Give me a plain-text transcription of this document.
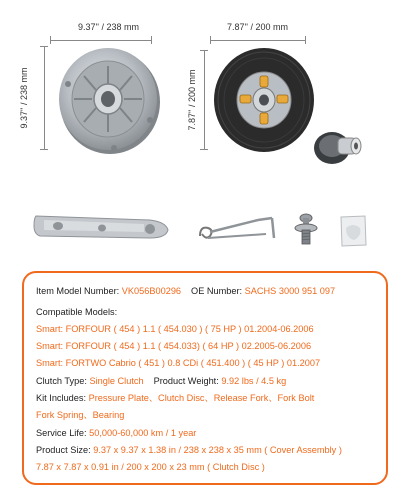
9.37'' / 238 mm
9.37'' / 238 mm
7.87'' / 200 mm
7.87'' / 200 mm
Item Model Number: VK056B00296 OE Number: SACHS 3000 951 097
Compatible Models:
Smart: FORFOUR ( 454 ) 1.1 ( 454.030 ) ( 75 HP ) 01.2004-06.2006
Smart: FORFOUR ( 454 ) 1.1 ( 454.033) ( 64 HP ) 02.2005-06.2006
Smart: FORTWO Cabrio ( 451 ) 0.8 CDi ( 451.400 ) ( 45 HP ) 01.2007
Clutch Type: Single Clutch Product Weight: 9.92 lbs / 4.5 kg
Kit Includes: Pressure Plate、Clutch Disc、Release Fork、Fork Bolt
Fork Spring、Bearing
Service Life: 50,000-60,000 km / 1 year
Product Size: 9.37 x 9.37 x 1.38 in / 238 x 238 x 35 mm ( Cover Assembly )
7.87 x 7.87 x 0.91 in / 200 x 200 x 23 mm ( Clutch Disc )
